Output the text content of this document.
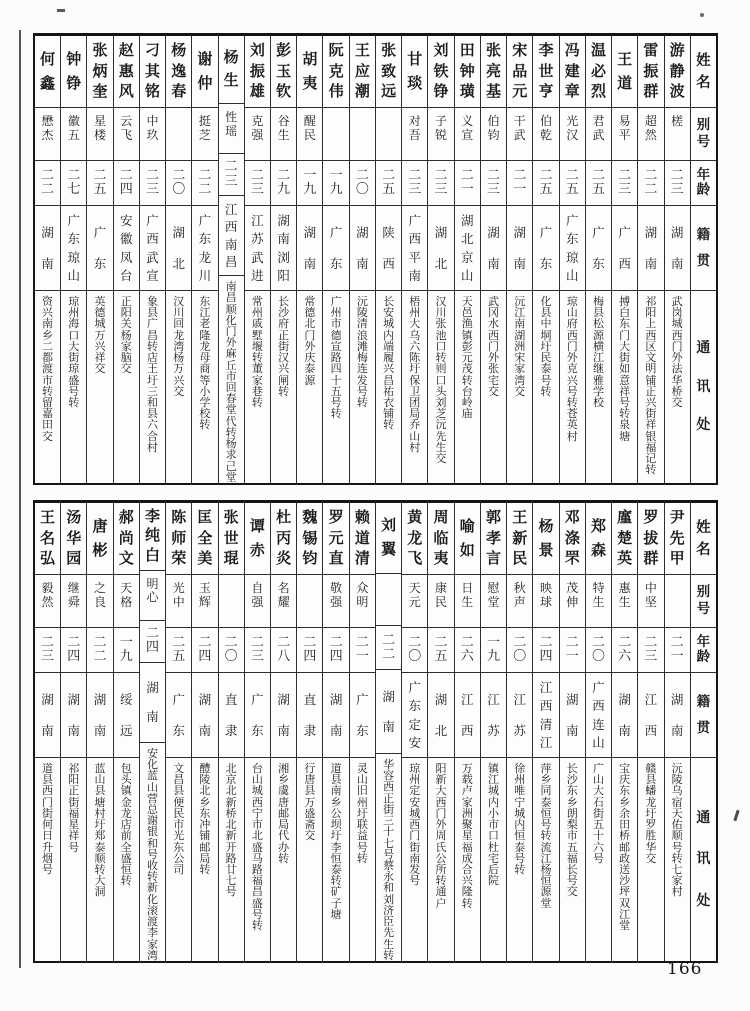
姓
名
别
号
年
龄
籍
贯
通
讯
处
游
静
波
槎
二
三
湖
南
武
岗
城
西
门
外
法
华
桥
交
雷
振
群
超
然
二
二
湖
南
祁
阳
上
西
区
文
明
铺
正
兴
街
祥
银
福
记
转
王
道
易
平
二
三
广
西
搏
白
东
门
大
街
如
意
祥
号
转
泉
塘
温
必
烈
君
武
二
五
广
东
梅
县
松
源
横
江
继
雅
学
校
冯
建
章
光
汉
二
五
广
东
琼
山
琼
山
府
西
门
外
克
兴
号
转
苍
英
村
李
世
亨
伯
乾
二
五
广
东
化
县
中
垌
圩
民
泰
号
转
宋
品
元
干
武
二
一
湖
南
沅
江
南
湖
洲
宋
家
湾
交
张
亮
基
伯
钧
二
三
湖
南
武
冈
水
西
门
外
张
宅
交
田
钟
璜
义
宣
二
一
湖
北
京
山
天
邑
渔
镇
彭
元
茂
转
台
岭
庙
刘
铁
铮
子
锐
二
三
湖
北
汉
川
张
池
口
转
则
口
头
刘
芝
沅
先
生
交
甘
琰
对
吾
二
三
广
西
平
南
梧
州
大
乌
六
陈
圩
保
卫
团
局
乔
山
村
张
致
远
二
五
陕
西
长
安
城
内
端
履
兴
昌
祐
衣
铺
转
王
应
潮
二
〇
湖
南
沅
陵
清
浪
滩
梅
连
发
号
转
阮
克
伟
一
九
广
东
广
州
市
德
宣
路
四
十
五
号
转
胡
夷
醒
民
一
九
湖
南
常
德
北
门
外
庆
泰
源
彭
玉
钦
谷
生
二
九
湖
南
浏
阳
长
沙
府
正
街
汉
兴
闸
转
刘
振
雄
克
强
二
三
江
苏
武
进
常
州
戚
墅
堰
转
董
家
巷
转
杨
生
性
瑶
二
三
江
西
南
昌
南
昌
顺
化
门
外
麻
丘
市
回
春
堂
代
转
杨
求
己
堂
谢
仲
挺
芝
二
二
广
东
龙
川
东
江
老
隆
龙
母
商
等
小
学
校
转
杨
逸
春
二
〇
湖
北
汉
川
回
龙
湾
杨
万
兴
交
刁
其
铭
中
玖
二
三
广
西
武
宣
象
县
广
昌
转
店
王
圩
三
和
县
六
合
村
赵
惠
风
云
飞
二
四
安
徽
凤
台
正
阳
关
杨
家
脑
交
张
炳
奎
星
楼
二
五
广
东
英
德
城
万
兴
祥
交
钟
铮
徽
五
二
七
广
东
琼
山
琼
州
海
口
大
街
琼
盛
号
转
何
鑫
懋
杰
二
二
湖
南
资
兴
南
乡
二
都
渡
市
转
留
嘉
田
交
姓
名
别
号
年
龄
籍
贯
通
讯
处
尹
先
甲
二
一
湖
南
沅
陵
乌
宿
天
佑
顺
号
转
七
家
村
罗
拔
群
中
坚
二
三
江
西
赣
县
蟠
龙
圩
罗
胜
华
交
廑
楚
英
惠
生
二
六
湖
南
宝
庆
东
乡
余
田
桥
邮
政
送
沙
坪
双
江
堂
郑
森
特
生
二
〇
广
西
连
山
广
山
大
石
街
五
十
六
号
邓
涤
罘
茂
伸
二
一
湖
南
长
沙
东
乡
朗
梨
市
五
福
长
号
交
杨
景
映
球
二
四
江
西
清
江
萍
乡
同
泰
恒
号
转
流
江
杨
恒
源
堂
王
新
民
秋
声
二
〇
江
苏
徐
州
唯
宁
城
内
恒
泰
号
转
郭
孝
言
慰
堂
一
九
江
苏
镇
江
城
内
小
市
口
杜
宅
后
院
喻
如
日
生
二
六
江
西
万
载
卢
家
洲
聚
星
福
成
合
兴
隆
转
周
临
夷
康
民
二
五
湖
北
阳
新
大
西
门
外
周
氏
公
所
转
通
户
黄
龙
飞
天
元
二
〇
广
东
定
安
琼
州
定
安
城
西
门
街
南
发
号
刘
翼
二
二
湖
南
华
容
西
正
街
三
十
七
号
蔡
永
和
刘
济
臣
先
生
转
赖
道
清
众
明
二
一
广
东
灵
山
旧
州
圩
联
益
号
转
罗
元
直
敬
强
二
四
湖
南
道
县
南
乡
公
坝
圩
李
恒
泰
转
矿
子
塘
魏
锡
钧
二
四
直
隶
行
唐
县
万
盛
斋
交
杜
丙
炎
名
耀
二
八
湖
南
湘
乡
虞
唐
邮
局
代
办
转
谭
赤
自
强
二
三
广
东
台
山
城
西
宁
市
北
盛
马
路
福
昌
盛
号
转
张
世
琨
二
〇
直
隶
北
京
北
新
桥
北
新
开
路
廿
七
号
匡
全
美
玉
辉
二
四
湖
南
醴
陵
北
乡
东
冲
铺
邮
局
转
陈
师
荣
光
中
二
五
广
东
文
昌
县
便
民
市
光
东
公
司
李
纯
白
明
心
二
四
湖
南
安
化
蓝
山
营
总
谢
银
和
号
收
转
新
化
滚
渡
李
家
湾
郝
尚
文
天
格
一
九
绥
远
包
头
镇
金
龙
店
前
全
盛
恒
转
唐
彬
之
良
二
二
湖
南
蓝
山
县
塘
村
圩
郑
泰
顺
转
大
洞
汤
华
园
继
舜
二
四
湖
南
祁
阳
正
街
福
星
祥
号
王
名
弘
毅
然
二
三
湖
南
道
县
西
门
街
何
日
升
烟
号
166
